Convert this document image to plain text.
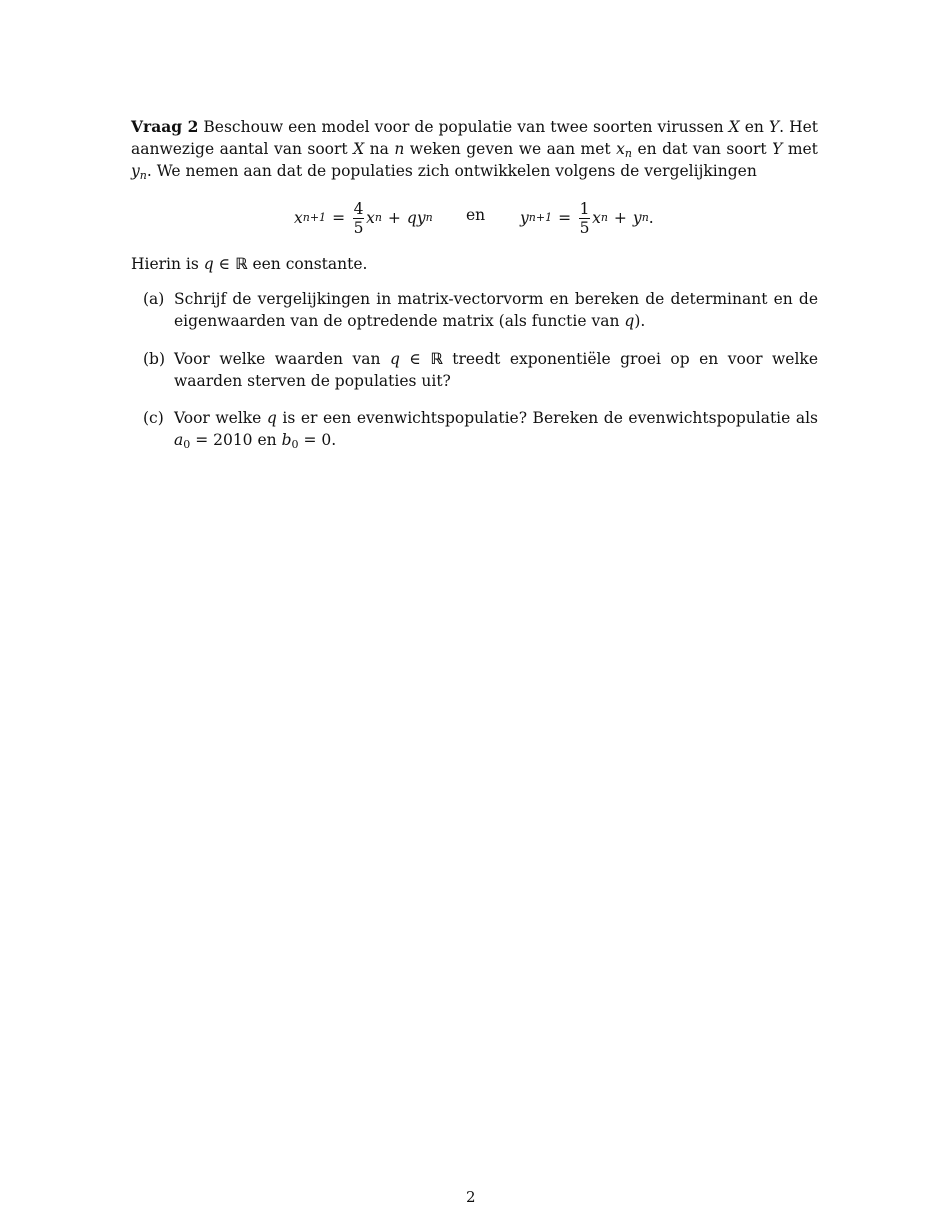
Vraag 2 Beschouw een model voor de populatie van twee soorten virussen X en Y. Het aanwezige aantal van soort X na n weken geven we aan met $x_n$ en dat van soort Y met $y_n$. We nemen aan dat de populaties zich ontwikkelen volgens de vergelijkingen
x $n+1 = \frac{4}{5}$ x n + qy n en y $n+1 = \frac{1}{5}$ x n + y n .
Hierin is q ∈ ℝ een constante.
(a) Schrijf de vergelijkingen in matrix-vectorvorm en bereken de determinant en de eigenwaarden van de optredende matrix (als functie van q).
(b) Voor welke waarden van q ∈ ℝ treedt exponentiële groei op en voor welke waarden sterven de populaties uit?
(c) Voor welke q is er een evenwichtspopulatie? Bereken de evenwichtspopulatie als $a_0 = 2010$ en $b_0 = 0$.
2
